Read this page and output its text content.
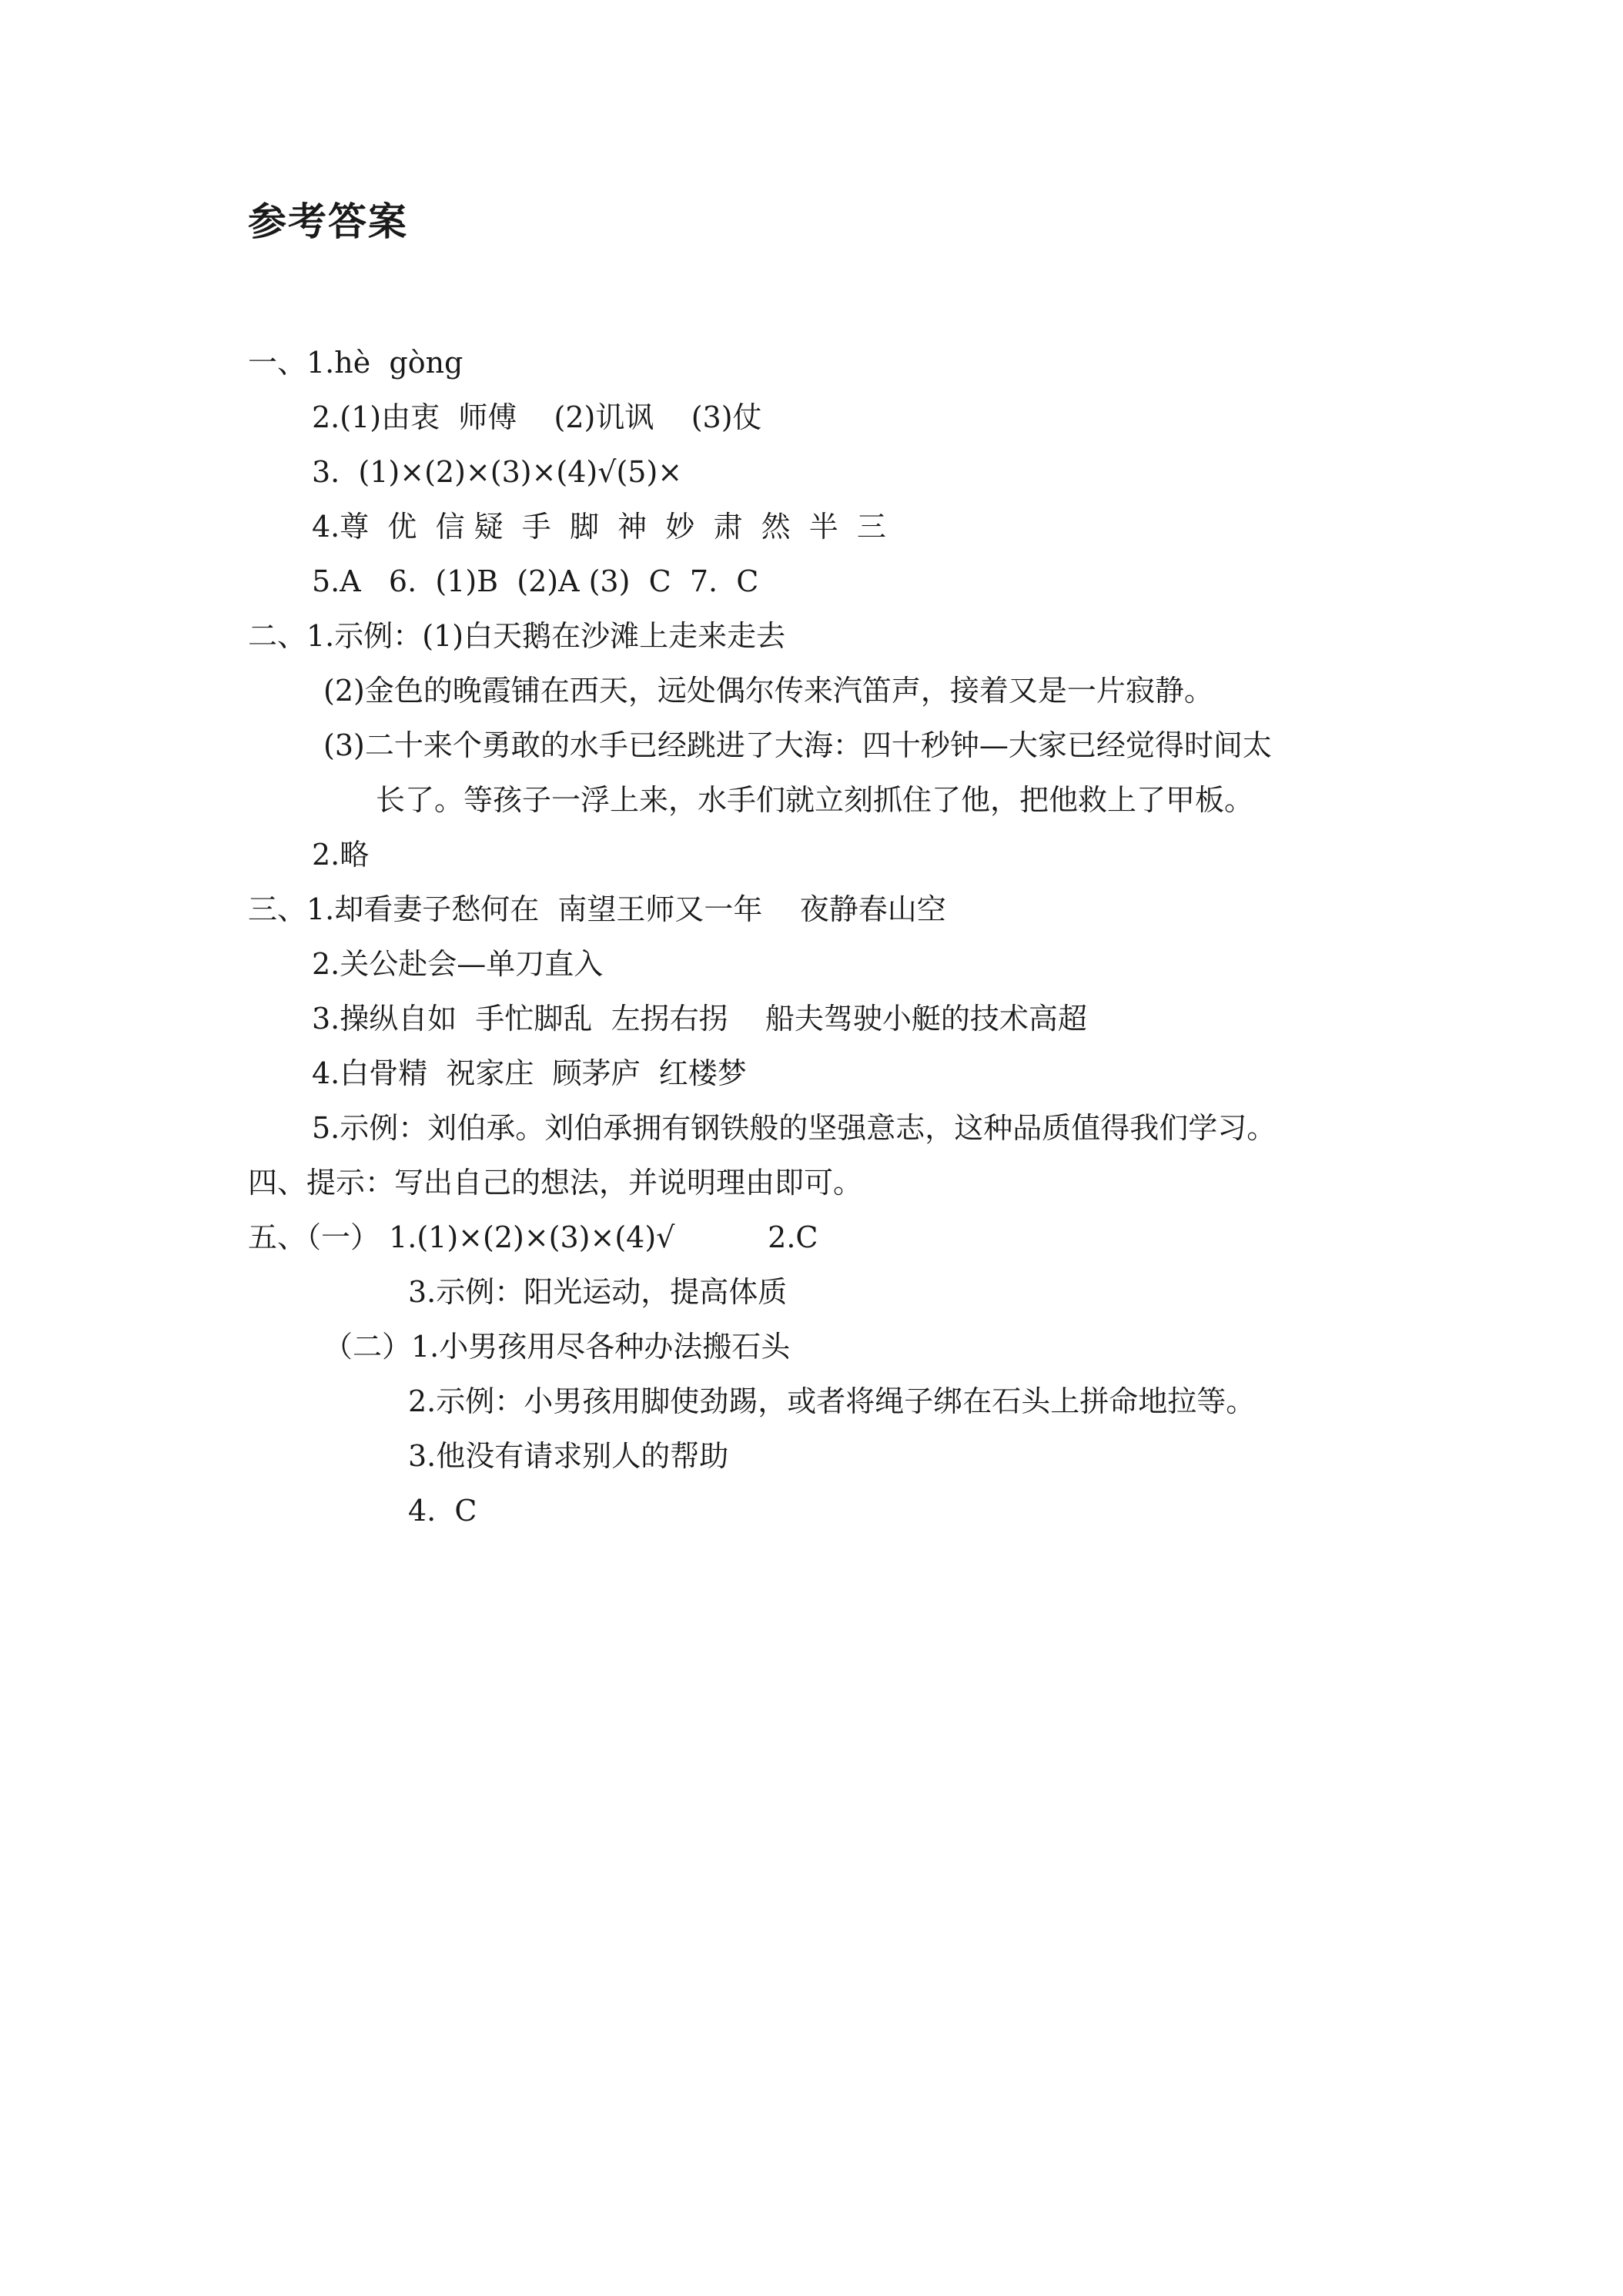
参考答案
一、1.hè  gòng
2.(1)由衷  师傅    (2)讥讽    (3)仗
3.  (1)×(2)×(3)×(4)√(5)×
4.尊  优  信 疑  手  脚  神  妙  肃  然  半  三
5.A   6.  (1)B  (2)A (3)  C  7.  C
二、1.示例：(1)白天鹅在沙滩上走来走去
(2)金色的晚霞铺在西天，远处偶尔传来汽笛声，接着又是一片寂静。
(3)二十来个勇敢的水手已经跳进了大海：四十秒钟—大家已经觉得时间太
长了。等孩子一浮上来，水手们就立刻抓住了他，把他救上了甲板。
2.略
三、1.却看妻子愁何在  南望王师又一年    夜静春山空
2.关公赴会—单刀直入
3.操纵自如  手忙脚乱  左拐右拐    船夫驾驶小艇的技术高超
4.白骨精  祝家庄  顾茅庐  红楼梦
5.示例：刘伯承。刘伯承拥有钢铁般的坚强意志，这种品质值得我们学习。
四、提示：写出自己的想法，并说明理由即可。
五、（一） 1.(1)×(2)×(3)×(4)√          2.C
3.示例：阳光运动，提高体质
（二）1.小男孩用尽各种办法搬石头
2.示例：小男孩用脚使劲踢，或者将绳子绑在石头上拼命地拉等。
3.他没有请求别人的帮助
4.  C
